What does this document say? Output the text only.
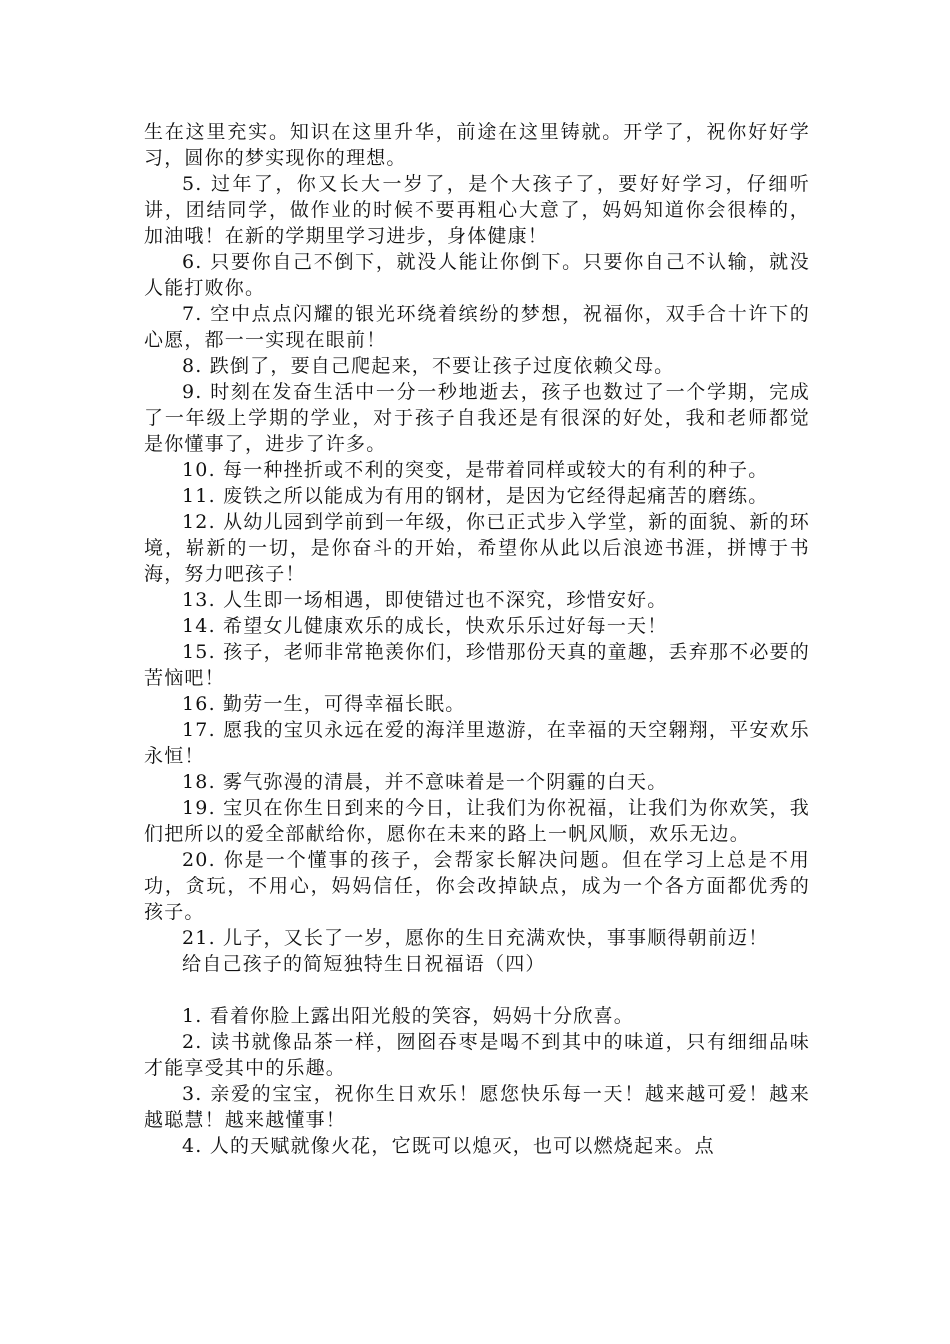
生在这里充实。知识在这里升华，前途在这里铸就。开学了，祝你好好学习，圆你的梦实现你的理想。

5. 过年了，你又长大一岁了，是个大孩子了，要好好学习，仔细听讲，团结同学，做作业的时候不要再粗心大意了，妈妈知道你会很棒的，加油哦！在新的学期里学习进步，身体健康！

6. 只要你自己不倒下，就没人能让你倒下。只要你自己不认输，就没人能打败你。

7. 空中点点闪耀的银光环绕着缤纷的梦想，祝福你，双手合十许下的心愿，都一一实现在眼前！

8. 跌倒了，要自己爬起来，不要让孩子过度依赖父母。

9. 时刻在发奋生活中一分一秒地逝去，孩子也数过了一个学期，完成了一年级上学期的学业，对于孩子自我还是有很深的好处，我和老师都觉是你懂事了，进步了许多。

10. 每一种挫折或不利的突变，是带着同样或较大的有利的种子。

11. 废铁之所以能成为有用的钢材，是因为它经得起痛苦的磨练。

12. 从幼儿园到学前到一年级，你已正式步入学堂，新的面貌、新的环境，崭新的一切，是你奋斗的开始，希望你从此以后浪迹书涯，拼博于书海，努力吧孩子！

13. 人生即一场相遇，即使错过也不深究，珍惜安好。

14. 希望女儿健康欢乐的成长，快欢乐乐过好每一天！

15. 孩子，老师非常艳羡你们，珍惜那份天真的童趣，丢弃那不必要的苦恼吧！

16. 勤劳一生，可得幸福长眠。

17. 愿我的宝贝永远在爱的海洋里遨游，在幸福的天空翱翔，平安欢乐永恒！

18. 雾气弥漫的清晨，并不意味着是一个阴霾的白天。

19. 宝贝在你生日到来的今日，让我们为你祝福，让我们为你欢笑，我们把所以的爱全部献给你，愿你在未来的路上一帆风顺，欢乐无边。

20. 你是一个懂事的孩子，会帮家长解决问题。但在学习上总是不用功，贪玩，不用心，妈妈信任，你会改掉缺点，成为一个各方面都优秀的孩子。

21. 儿子，又长了一岁，愿你的生日充满欢快，事事顺得朝前迈！

给自己孩子的简短独特生日祝福语（四）

1. 看着你脸上露出阳光般的笑容，妈妈十分欣喜。

2. 读书就像品茶一样，囫囵吞枣是喝不到其中的味道，只有细细品味才能享受其中的乐趣。

3. 亲爱的宝宝，祝你生日欢乐！愿您快乐每一天！越来越可爱！越来越聪慧！越来越懂事！

4. 人的天赋就像火花，它既可以熄灭，也可以燃烧起来。点
